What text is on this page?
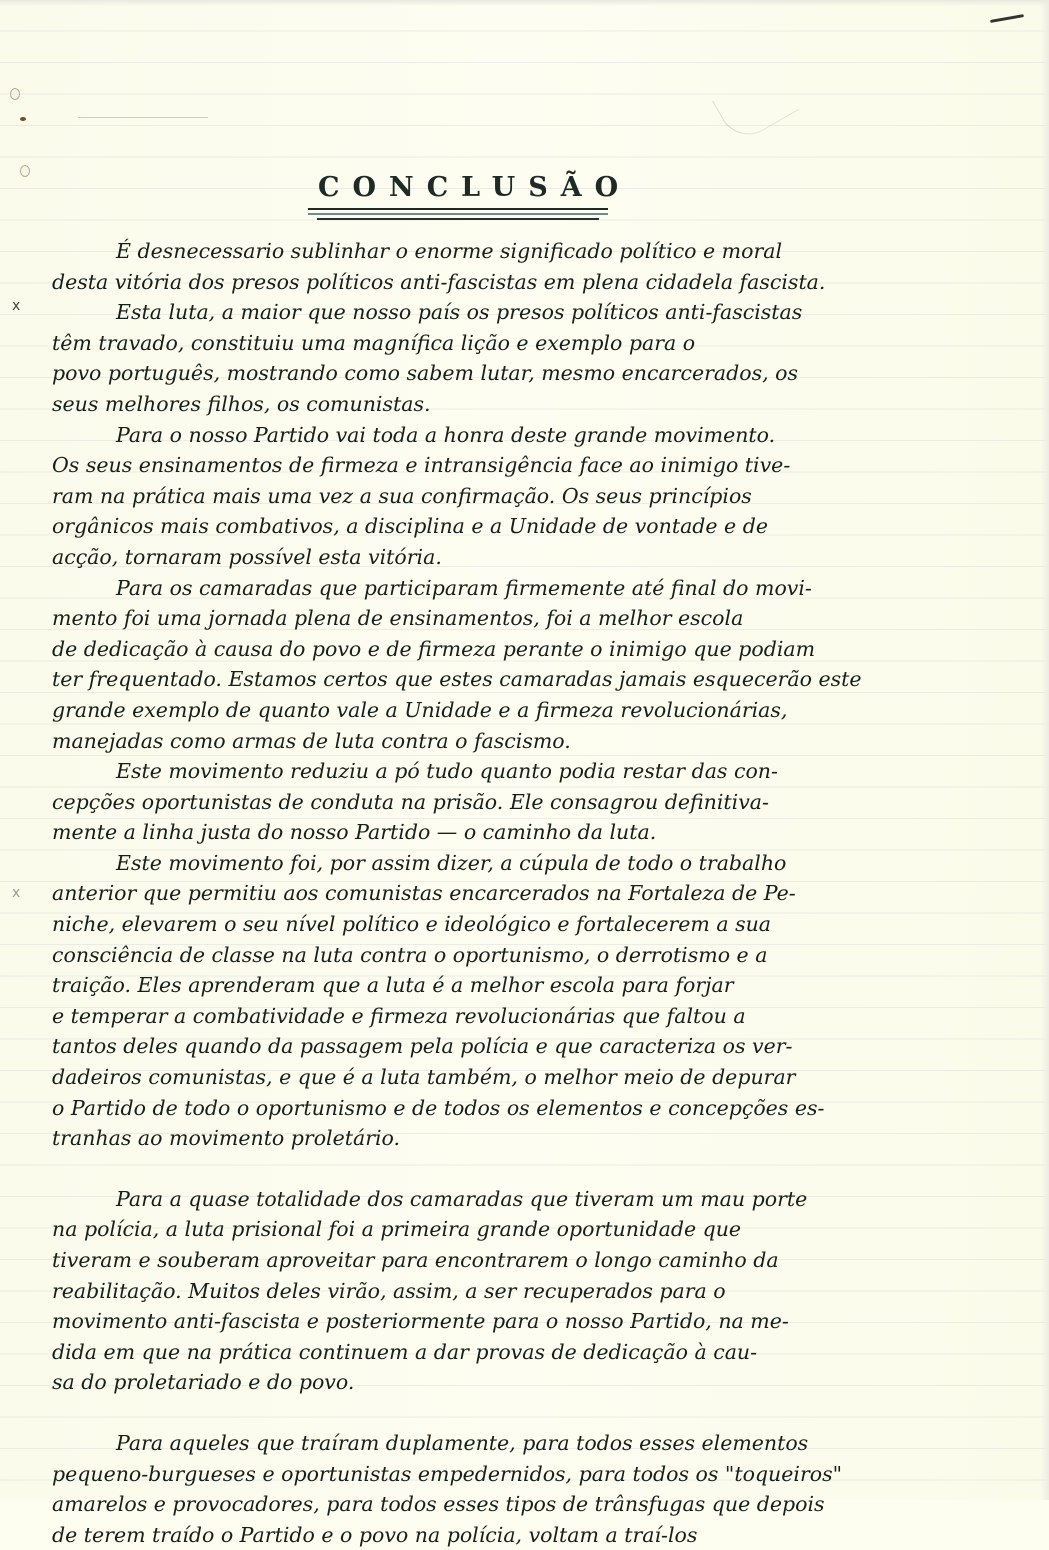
CONCLUSÃO
x
x
É desnecessario sublinhar o enorme significado político e moral
desta vitória dos presos políticos anti-fascistas em plena cidadela fascista.
Esta luta, a maior que nosso país os presos políticos anti-fascistas
têm travado, constituiu uma magnífica lição e exemplo para o
povo português, mostrando como sabem lutar, mesmo encarcerados, os
seus melhores filhos, os comunistas.
Para o nosso Partido vai toda a honra deste grande movimento.
Os seus ensinamentos de firmeza e intransigência face ao inimigo tive-
ram na prática mais uma vez a sua confirmação. Os seus princípios
orgânicos mais combativos, a disciplina e a Unidade de vontade e de
acção, tornaram possível esta vitória.
Para os camaradas que participaram firmemente até final do movi-
mento foi uma jornada plena de ensinamentos, foi a melhor escola
de dedicação à causa do povo e de firmeza perante o inimigo que podiam
ter frequentado. Estamos certos que estes camaradas jamais esquecerão este
grande exemplo de quanto vale a Unidade e a firmeza revolucionárias,
manejadas como armas de luta contra o fascismo.
Este movimento reduziu a pó tudo quanto podia restar das con-
cepções oportunistas de conduta na prisão. Ele consagrou definitiva-
mente a linha justa do nosso Partido — o caminho da luta.
Este movimento foi, por assim dizer, a cúpula de todo o trabalho
anterior que permitiu aos comunistas encarcerados na Fortaleza de Pe-
niche, elevarem o seu nível político e ideológico e fortalecerem a sua
consciência de classe na luta contra o oportunismo, o derrotismo e a
traição. Eles aprenderam que a luta é a melhor escola para forjar
e temperar a combatividade e firmeza revolucionárias que faltou a
tantos deles quando da passagem pela polícia e que caracteriza os ver-
dadeiros comunistas, e que é a luta também, o melhor meio de depurar
o Partido de todo o oportunismo e de todos os elementos e concepções es-
tranhas ao movimento proletário.
Para a quase totalidade dos camaradas que tiveram um mau porte
na polícia, a luta prisional foi a primeira grande oportunidade que
tiveram e souberam aproveitar para encontrarem o longo caminho da
reabilitação. Muitos deles virão, assim, a ser recuperados para o
movimento anti-fascista e posteriormente para o nosso Partido, na me-
dida em que na prática continuem a dar provas de dedicação à cau-
sa do proletariado e do povo.
Para aqueles que traíram duplamente, para todos esses elementos
pequeno-burgueses e oportunistas empedernidos, para todos os "toqueiros"
amarelos e provocadores, para todos esses tipos de trânsfugas que depois
de terem traído o Partido e o povo na polícia, voltam a traí-los
